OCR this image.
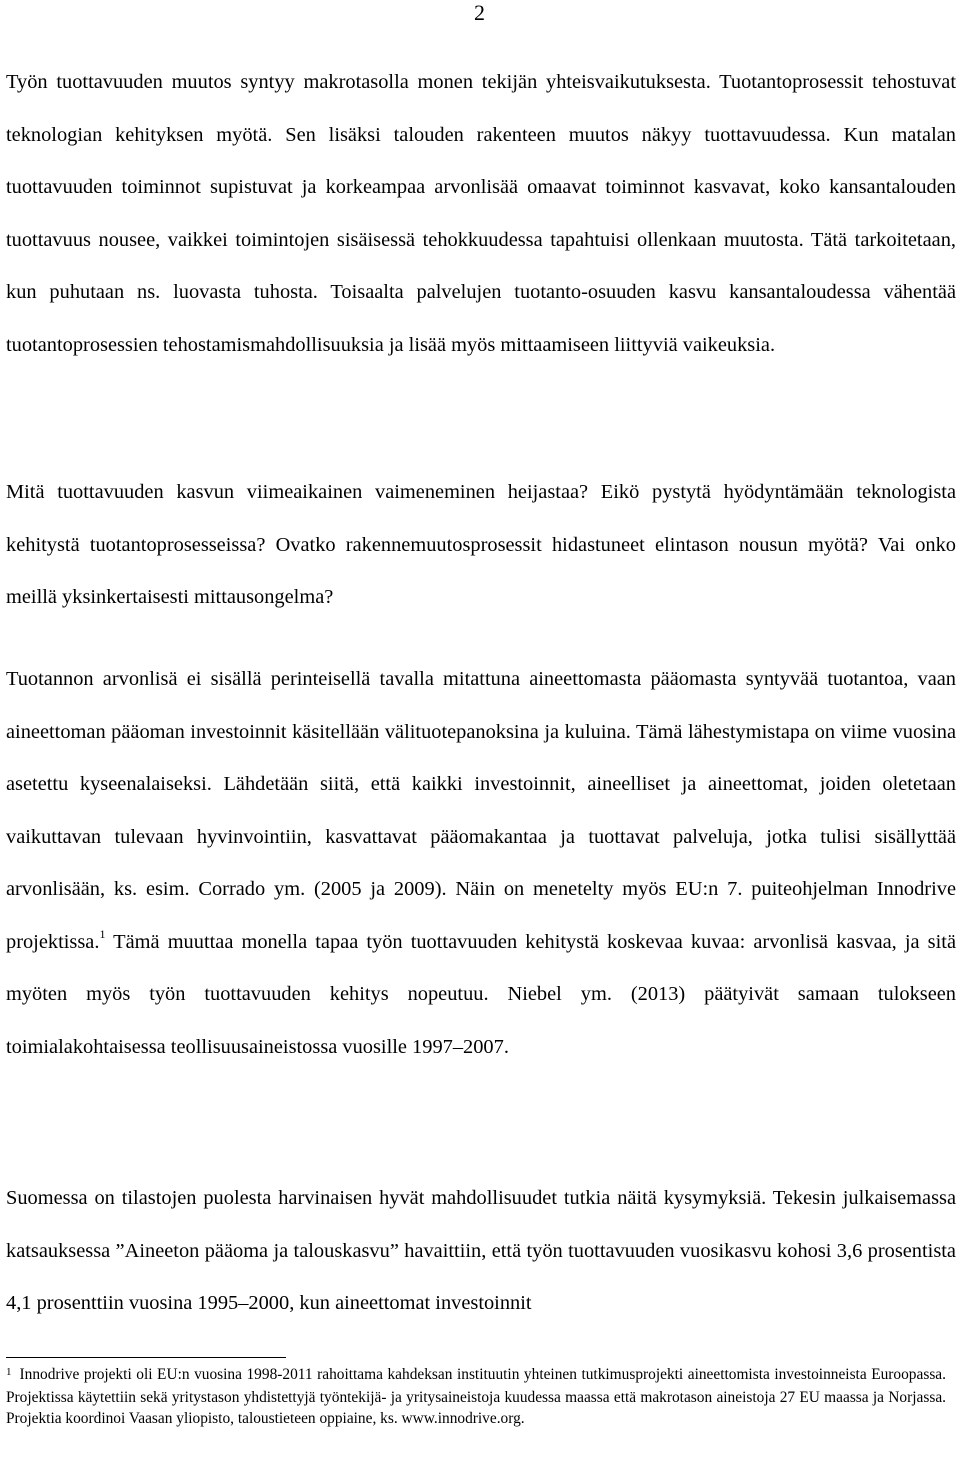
2

Työn tuottavuuden muutos syntyy makrotasolla monen tekijän yhteisvaikutuksesta. Tuotantoprosessit tehostuvat teknologian kehityksen myötä. Sen lisäksi talouden rakenteen muutos näkyy tuottavuudessa. Kun matalan tuottavuuden toiminnot supistuvat ja korkeampaa arvonlisää omaavat toiminnot kasvavat, koko kansantalouden tuottavuus nousee, vaikkei toimintojen sisäisessä tehokkuudessa tapahtuisi ollenkaan muutosta. Tätä tarkoitetaan, kun puhutaan ns. luovasta tuhosta. Toisaalta palvelujen tuotanto-osuuden kasvu kansantaloudessa vähentää tuotantoprosessien tehostamismahdollisuuksia ja lisää myös mittaamiseen liittyviä vaikeuksia.

Mitä tuottavuuden kasvun viimeaikainen vaimeneminen heijastaa? Eikö pystytä hyödyntämään teknologista kehitystä tuotantoprosesseissa? Ovatko rakennemuutosprosessit hidastuneet elintason nousun myötä? Vai onko meillä yksinkertaisesti mittausongelma?

Tuotannon arvonlisä ei sisällä perinteisellä tavalla mitattuna aineettomasta pääomasta syntyvää tuotantoa, vaan aineettoman pääoman investoinnit käsitellään välituotepanoksina ja kuluina. Tämä lähestymistapa on viime vuosina asetettu kyseenalaiseksi. Lähdetään siitä, että kaikki investoinnit, aineelliset ja aineettomat, joiden oletetaan vaikuttavan tulevaan hyvinvointiin, kasvattavat pääomakantaa ja tuottavat palveluja, jotka tulisi sisällyttää arvonlisään, ks. esim. Corrado ym. (2005 ja 2009). Näin on menetelty myös EU:n 7. puiteohjelman Innodrive projektissa.$^1$ Tämä muuttaa monella tapaa työn tuottavuuden kehitystä koskevaa kuvaa: arvonlisä kasvaa, ja sitä myöten myös työn tuottavuuden kehitys nopeutuu. Niebel ym. (2013) päätyivät samaan tulokseen toimialakohtaisessa teollisuusaineistossa vuosille 1997–2007.

Suomessa on tilastojen puolesta harvinaisen hyvät mahdollisuudet tutkia näitä kysymyksiä. Tekesin julkaisemassa katsauksessa ”Aineeton pääoma ja talouskasvu” havaittiin, että työn tuottavuuden vuosikasvu kohosi 3,6 prosentista 4,1 prosenttiin vuosina 1995–2000, kun aineettomat investoinnit

$^1$ Innodrive projekti oli EU:n vuosina 1998-2011 rahoittama kahdeksan instituutin yhteinen tutkimusprojekti aineettomista investoinneista Euroopassa. Projektissa käytettiin sekä yritystason yhdistettyjä työntekijä- ja yritysaineistoja kuudessa maassa että makrotason aineistoja 27 EU maassa ja Norjassa. Projektia koordinoi Vaasan yliopisto, taloustieteen oppiaine, ks. www.innodrive.org.
